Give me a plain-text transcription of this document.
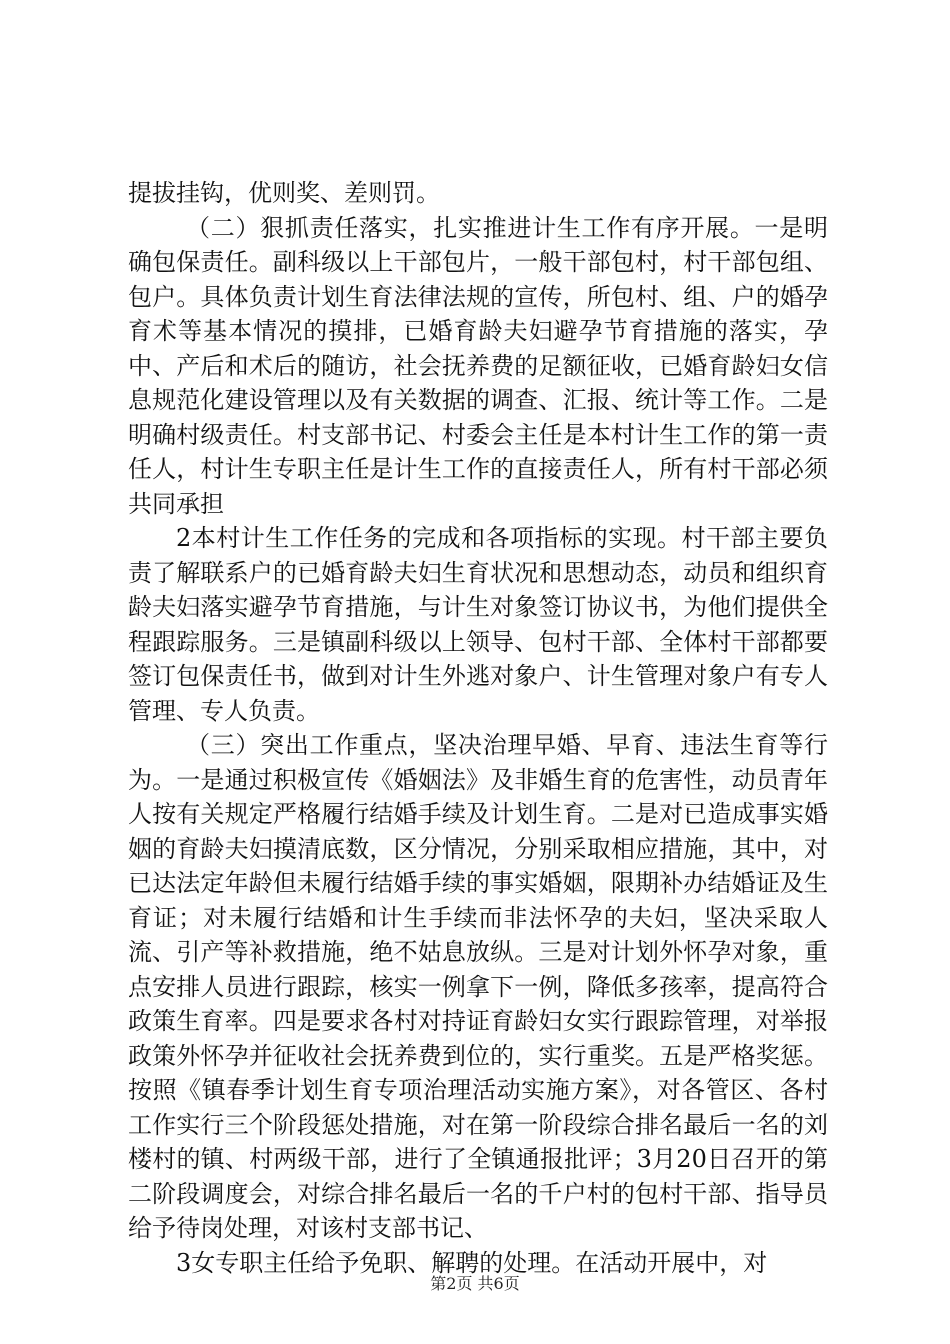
提拔挂钩，优则奖、差则罚。

（二）狠抓责任落实，扎实推进计生工作有序开展。一是明确包保责任。副科级以上干部包片，一般干部包村，村干部包组、包户。具体负责计划生育法律法规的宣传，所包村、组、户的婚孕育术等基本情况的摸排，已婚育龄夫妇避孕节育措施的落实，孕中、产后和术后的随访，社会抚养费的足额征收，已婚育龄妇女信息规范化建设管理以及有关数据的调查、汇报、统计等工作。二是明确村级责任。村支部书记、村委会主任是本村计生工作的第一责任人，村计生专职主任是计生工作的直接责任人，所有村干部必须共同承担

2本村计生工作任务的完成和各项指标的实现。村干部主要负责了解联系户的已婚育龄夫妇生育状况和思想动态，动员和组织育龄夫妇落实避孕节育措施，与计生对象签订协议书，为他们提供全程跟踪服务。三是镇副科级以上领导、包村干部、全体村干部都要签订包保责任书，做到对计生外逃对象户、计生管理对象户有专人管理、专人负责。

（三）突出工作重点，坚决治理早婚、早育、违法生育等行为。一是通过积极宣传《婚姻法》及非婚生育的危害性，动员青年人按有关规定严格履行结婚手续及计划生育。二是对已造成事实婚姻的育龄夫妇摸清底数，区分情况，分别采取相应措施，其中，对已达法定年龄但未履行结婚手续的事实婚姻，限期补办结婚证及生育证；对未履行结婚和计生手续而非法怀孕的夫妇，坚决采取人流、引产等补救措施，绝不姑息放纵。三是对计划外怀孕对象，重点安排人员进行跟踪，核实一例拿下一例，降低多孩率，提高符合政策生育率。四是要求各村对持证育龄妇女实行跟踪管理，对举报政策外怀孕并征收社会抚养费到位的，实行重奖。五是严格奖惩。按照《镇春季计划生育专项治理活动实施方案》，对各管区、各村工作实行三个阶段惩处措施，对在第一阶段综合排名最后一名的刘楼村的镇、村两级干部，进行了全镇通报批评；3月20日召开的第二阶段调度会，对综合排名最后一名的千户村的包村干部、指导员给予待岗处理，对该村支部书记、

3女专职主任给予免职、解聘的处理。在活动开展中，对

第2页 共6页
